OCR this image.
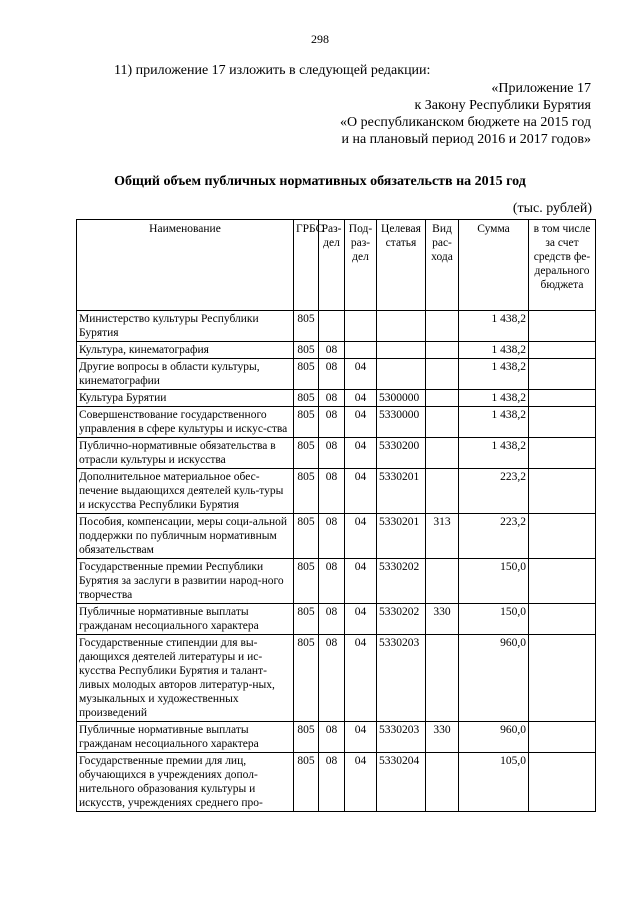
298
11) приложение 17 изложить в следующей редакции:
«Приложение 17
к Закону Республики Бурятия
«О республиканском бюджете на 2015 год
и на плановый период 2016 и 2017 годов»
Общий объем публичных нормативных обязательств на 2015 год
(тыс. рублей)
Наименование	ГРБС	Раз-дел	Под-раз-дел	Целевая статья	Вид рас-хода	Сумма	в том числе за счет средств фе-дерального бюджета
Министерство культуры Республики Бурятия	805					1 438,2	
Культура, кинематография	805	08				1 438,2	
Другие вопросы в области культуры, кинематографии	805	08	04			1 438,2	
Культура Бурятии	805	08	04	5300000		1 438,2	
Совершенствование государственного управления в сфере культуры и искус-ства	805	08	04	5330000		1 438,2	
Публично-нормативные обязательства в отрасли культуры и искусства	805	08	04	5330200		1 438,2	
Дополнительное материальное обес-печение выдающихся деятелей куль-туры и искусства Республики Бурятия	805	08	04	5330201		223,2	
Пособия, компенсации, меры соци-альной поддержки по публичным нормативным обязательствам	805	08	04	5330201	313	223,2	
Государственные премии Республики Бурятия за заслуги в развитии народ-ного творчества	805	08	04	5330202		150,0	
Публичные нормативные выплаты гражданам несоциального характера	805	08	04	5330202	330	150,0	
Государственные стипендии для вы-дающихся деятелей литературы и ис-кусства Республики Бурятия и талант-ливых молодых авторов литератур-ных, музыкальных и художественных произведений	805	08	04	5330203		960,0	
Публичные нормативные выплаты гражданам несоциального характера	805	08	04	5330203	330	960,0	
Государственные премии для лиц, обучающихся в учреждениях допол-нительного образования культуры и искусств, учреждениях среднего про-	805	08	04	5330204		105,0	
